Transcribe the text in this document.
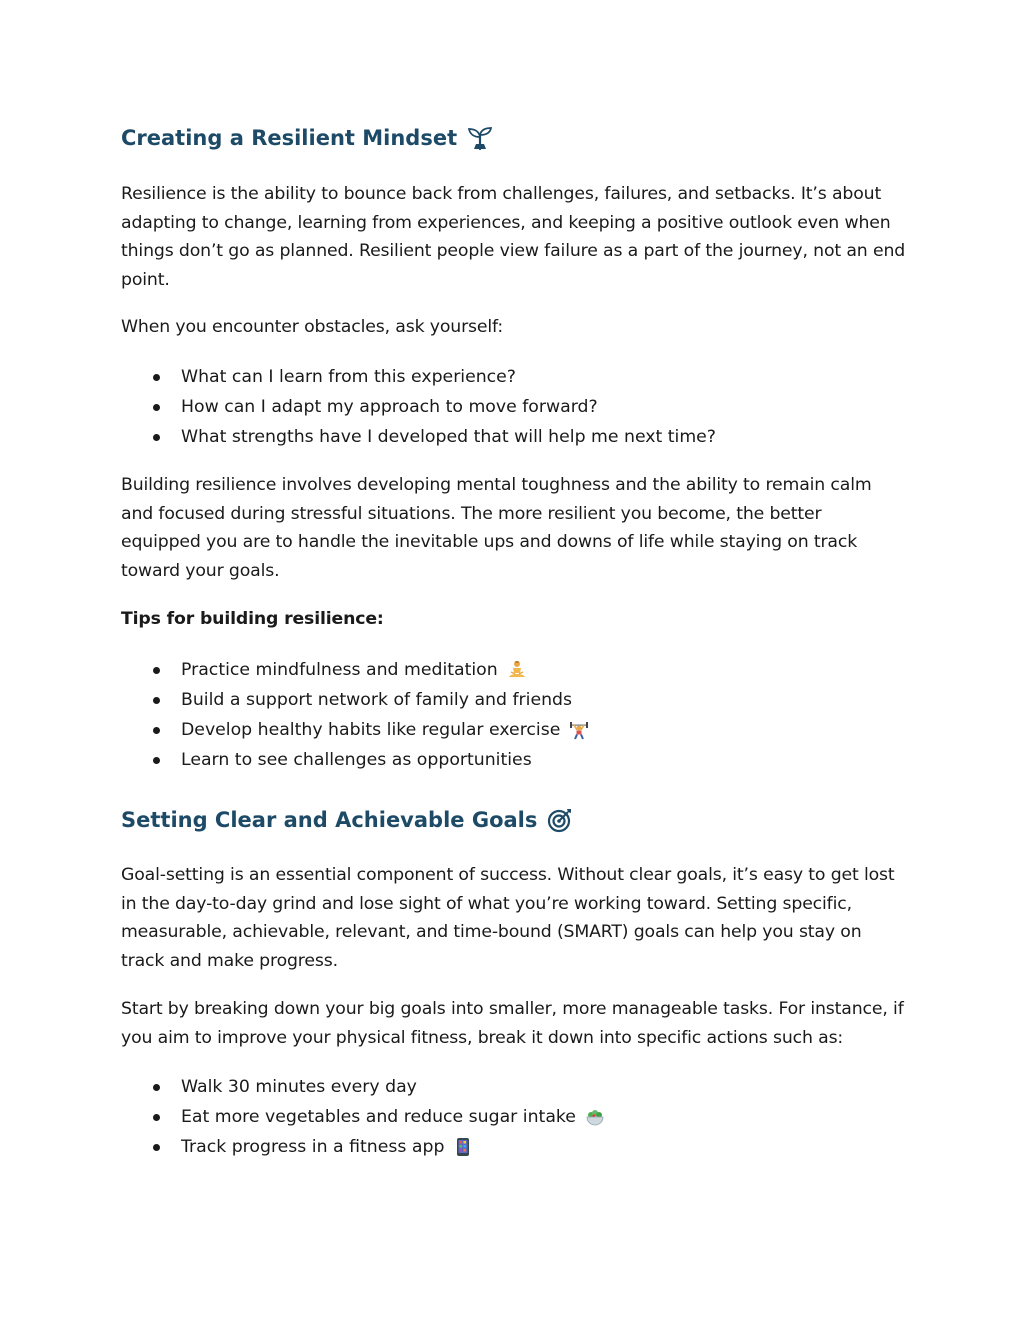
Creating a Resilient Mindset

Resilience is the ability to bounce back from challenges, failures, and setbacks. It’s about adapting to change, learning from experiences, and keeping a positive outlook even when things don’t go as planned. Resilient people view failure as a part of the journey, not an end point.

When you encounter obstacles, ask yourself:

What can I learn from this experience?
How can I adapt my approach to move forward?
What strengths have I developed that will help me next time?

Building resilience involves developing mental toughness and the ability to remain calm and focused during stressful situations. The more resilient you become, the better equipped you are to handle the inevitable ups and downs of life while staying on track toward your goals.

Tips for building resilience:

Practice mindfulness and meditation
Build a support network of family and friends
Develop healthy habits like regular exercise
Learn to see challenges as opportunities
Setting Clear and Achievable Goals

Goal-setting is an essential component of success. Without clear goals, it’s easy to get lost in the day-to-day grind and lose sight of what you’re working toward. Setting specific, measurable, achievable, relevant, and time-bound (SMART) goals can help you stay on track and make progress.

Start by breaking down your big goals into smaller, more manageable tasks. For instance, if you aim to improve your physical fitness, break it down into specific actions such as:

Walk 30 minutes every day
Eat more vegetables and reduce sugar intake
Track progress in a fitness app
